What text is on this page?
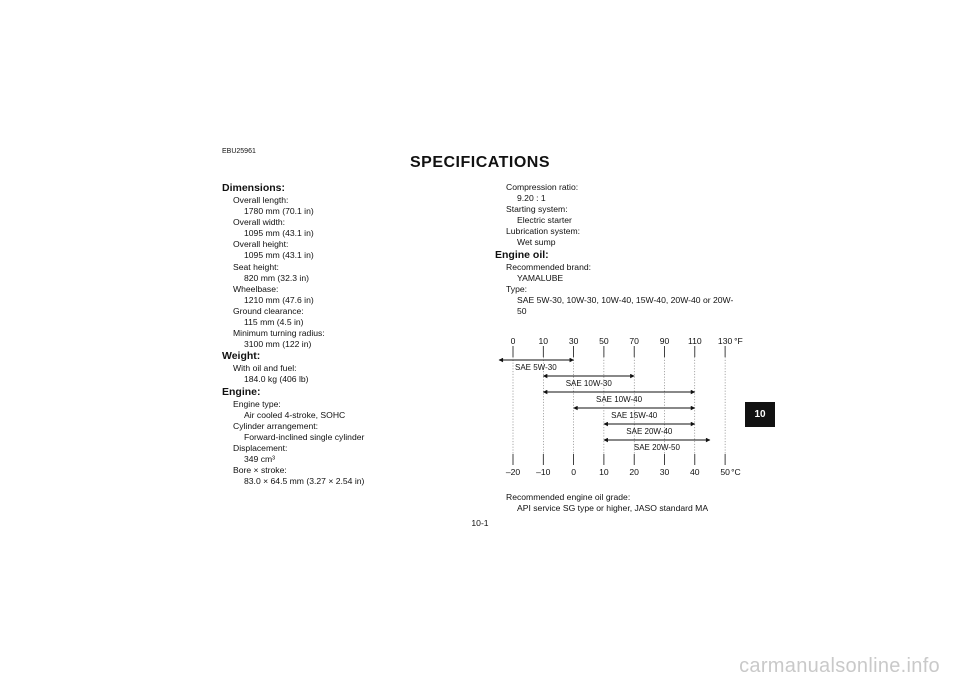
EBU25961
SPECIFICATIONS
Dimensions:
Overall length:
1780 mm (70.1 in)
Overall width:
1095 mm (43.1 in)
Overall height:
1095 mm (43.1 in)
Seat height:
820 mm (32.3 in)
Wheelbase:
1210 mm (47.6 in)
Ground clearance:
115 mm (4.5 in)
Minimum turning radius:
3100 mm (122 in)
Weight:
With oil and fuel:
184.0 kg (406 lb)
Engine:
Engine type:
Air cooled 4-stroke, SOHC
Cylinder arrangement:
Forward-inclined single cylinder
Displacement:
349 cm³
Bore × stroke:
83.0 × 64.5 mm (3.27 × 2.54 in)
Compression ratio:
9.20 : 1
Starting system:
Electric starter
Lubrication system:
Wet sump
Engine oil:
Recommended brand:
YAMALUBE
Type:
SAE 5W-30, 10W-30, 10W-40, 15W-40, 20W-40 or 20W-
50
0
–20
10
–10
30
0
50
10
70
20
90
30
110
40
130
50
°F
°C
SAE 5W-30
SAE 10W-30
SAE 10W-40
SAE 15W-40
SAE 20W-40
SAE 20W-50
Recommended engine oil grade:
API service SG type or higher, JASO standard MA
10
10-1
carmanualsonline.info
